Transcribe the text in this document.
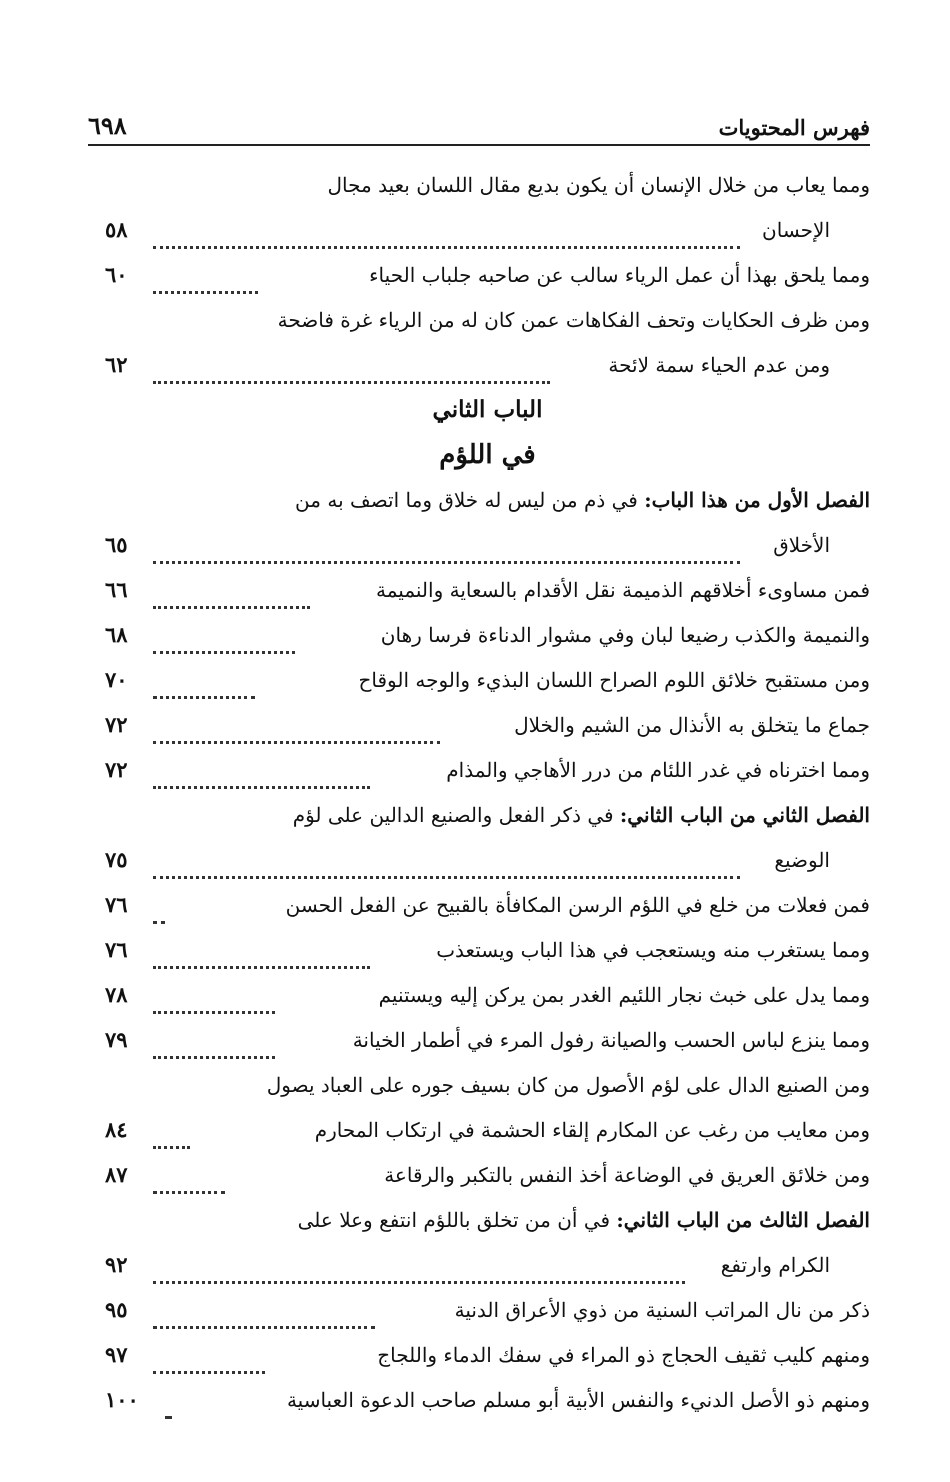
٦٩٨	فهرس المحتويات
ومما يعاب من خلال الإنسان أن يكون بديع مقال اللسان بعيد مجال
الإحسان
٥٨
ومما يلحق بهذا أن عمل الرياء سالب عن صاحبه جلباب الحياء
٦٠
ومن ظرف الحكايات وتحف الفكاهات عمن كان له من الرياء غرة فاضحة
ومن عدم الحياء سمة لائحة
٦٢
الباب الثاني
في اللؤم
الفصل الأول من هذا الباب: في ذم من ليس له خلاق وما اتصف به من
الأخلاق
٦٥
فمن مساوىء أخلاقهم الذميمة نقل الأقدام بالسعاية والنميمة
٦٦
والنميمة والكذب رضيعا لبان وفي مشوار الدناءة فرسا رهان
٦٨
ومن مستقبح خلائق اللوم الصراح اللسان البذيء والوجه الوقاح
٧٠
جماع ما يتخلق به الأنذال من الشيم والخلال
٧٢
ومما اخترناه في غدر اللئام من درر الأهاجي والمذام
٧٢
الفصل الثاني من الباب الثاني: في ذكر الفعل والصنيع الدالين على لؤم
الوضيع
٧٥
فمن فعلات من خلع في اللؤم الرسن المكافأة بالقبيح عن الفعل الحسن
٧٦
ومما يستغرب منه ويستعجب في هذا الباب ويستعذب
٧٦
ومما يدل على خبث نجار اللئيم الغدر بمن يركن إليه ويستنيم
٧٨
ومما ينزع لباس الحسب والصيانة رفول المرء في أطمار الخيانة
٧٩
ومن الصنيع الدال على لؤم الأصول من كان بسيف جوره على العباد يصول
ومن معايب من رغب عن المكارم إلقاء الحشمة في ارتكاب المحارم
٨٤
ومن خلائق العريق في الوضاعة أخذ النفس بالتكبر والرقاعة
٨٧
الفصل الثالث من الباب الثاني: في أن من تخلق باللؤم انتفع وعلا على
الكرام وارتفع
٩٢
ذكر من نال المراتب السنية من ذوي الأعراق الدنية
٩٥
ومنهم كليب ثقيف الحجاج ذو المراء في سفك الدماء واللجاج
٩٧
ومنهم ذو الأصل الدنيء والنفس الأبية أبو مسلم صاحب الدعوة العباسية
١٠٠
